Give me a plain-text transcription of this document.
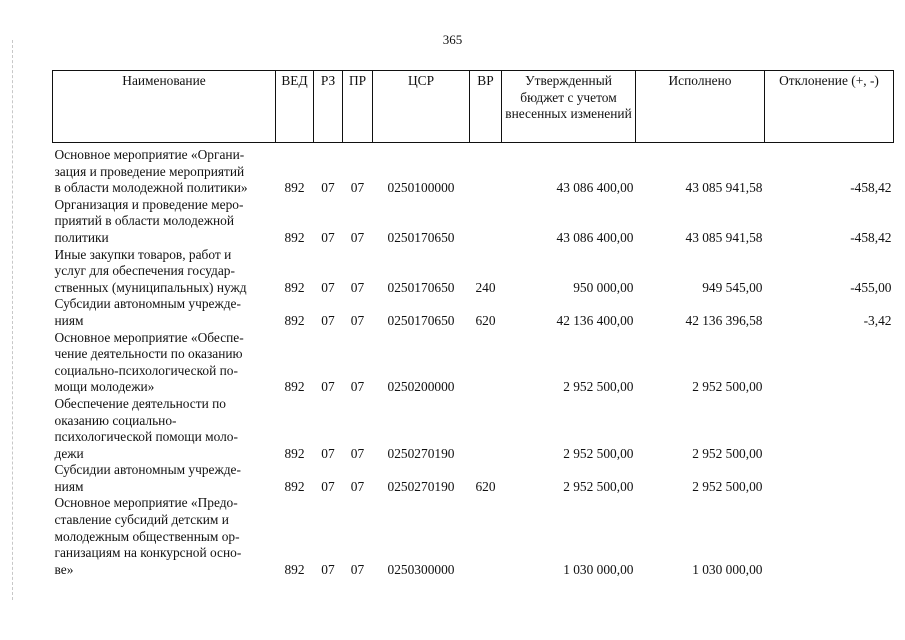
365
Наименование	ВЕД	РЗ	ПР	ЦСР	ВР	Утвержденный бюджет с учетом внесенных изменений	Исполнено	Отклонение (+, -)

Основное мероприятие «Органи-
зация и проведение мероприятий
в области молодежной политики»	892	07	07	0250100000		43 086 400,00	43 085 941,58	-458,42

Организация и проведение меро-
приятий в области молодежной
политики	892	07	07	0250170650		43 086 400,00	43 085 941,58	-458,42

Иные закупки товаров, работ и
услуг для обеспечения государ-
ственных (муниципальных) нужд	892	07	07	0250170650	240	950 000,00	949 545,00	-455,00

Субсидии автономным учрежде-
ниям	892	07	07	0250170650	620	42 136 400,00	42 136 396,58	-3,42

Основное мероприятие «Обеспе-
чение деятельности по оказанию
социально-психологической по-
мощи молодежи»	892	07	07	0250200000		2 952 500,00	2 952 500,00	

Обеспечение деятельности по
оказанию социально-
психологической помощи моло-
дежи	892	07	07	0250270190		2 952 500,00	2 952 500,00	

Субсидии автономным учрежде-
ниям	892	07	07	0250270190	620	2 952 500,00	2 952 500,00	

Основное мероприятие «Предо-
ставление субсидий детским и
молодежным общественным ор-
ганизациям на конкурсной осно-
ве»	892	07	07	0250300000		1 030 000,00	1 030 000,00	
